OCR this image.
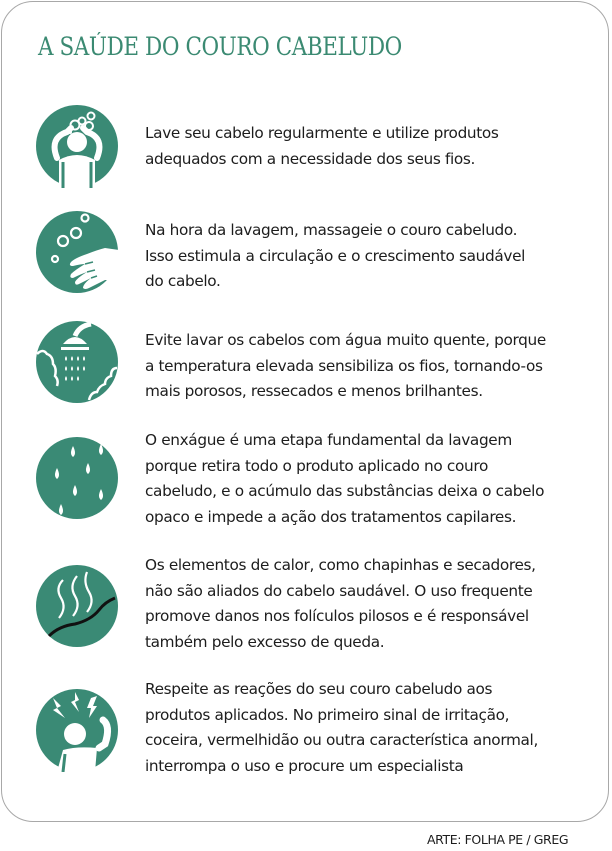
A SAÚDE DO COURO CABELUDO
Lave seu cabelo regularmente e utilize produtos
adequados com a necessidade dos seus fios.
Na hora da lavagem, massageie o couro cabeludo.
Isso estimula a circulação e o crescimento saudável
do cabelo.
Evite lavar os cabelos com água muito quente, porque
a temperatura elevada sensibiliza os fios, tornando-os
mais porosos, ressecados e menos brilhantes.
O enxágue é uma etapa fundamental da lavagem
porque retira todo o produto aplicado no couro
cabeludo, e o acúmulo das substâncias deixa o cabelo
opaco e impede a ação dos tratamentos capilares.
Os elementos de calor, como chapinhas e secadores,
não são aliados do cabelo saudável. O uso frequente
promove danos nos folículos pilosos e é responsável
também pelo excesso de queda.
Respeite as reações do seu couro cabeludo aos
produtos aplicados. No primeiro sinal de irritação,
coceira, vermelhidão ou outra característica anormal,
interrompa o uso e procure um especialista
ARTE: FOLHA PE / GREG
